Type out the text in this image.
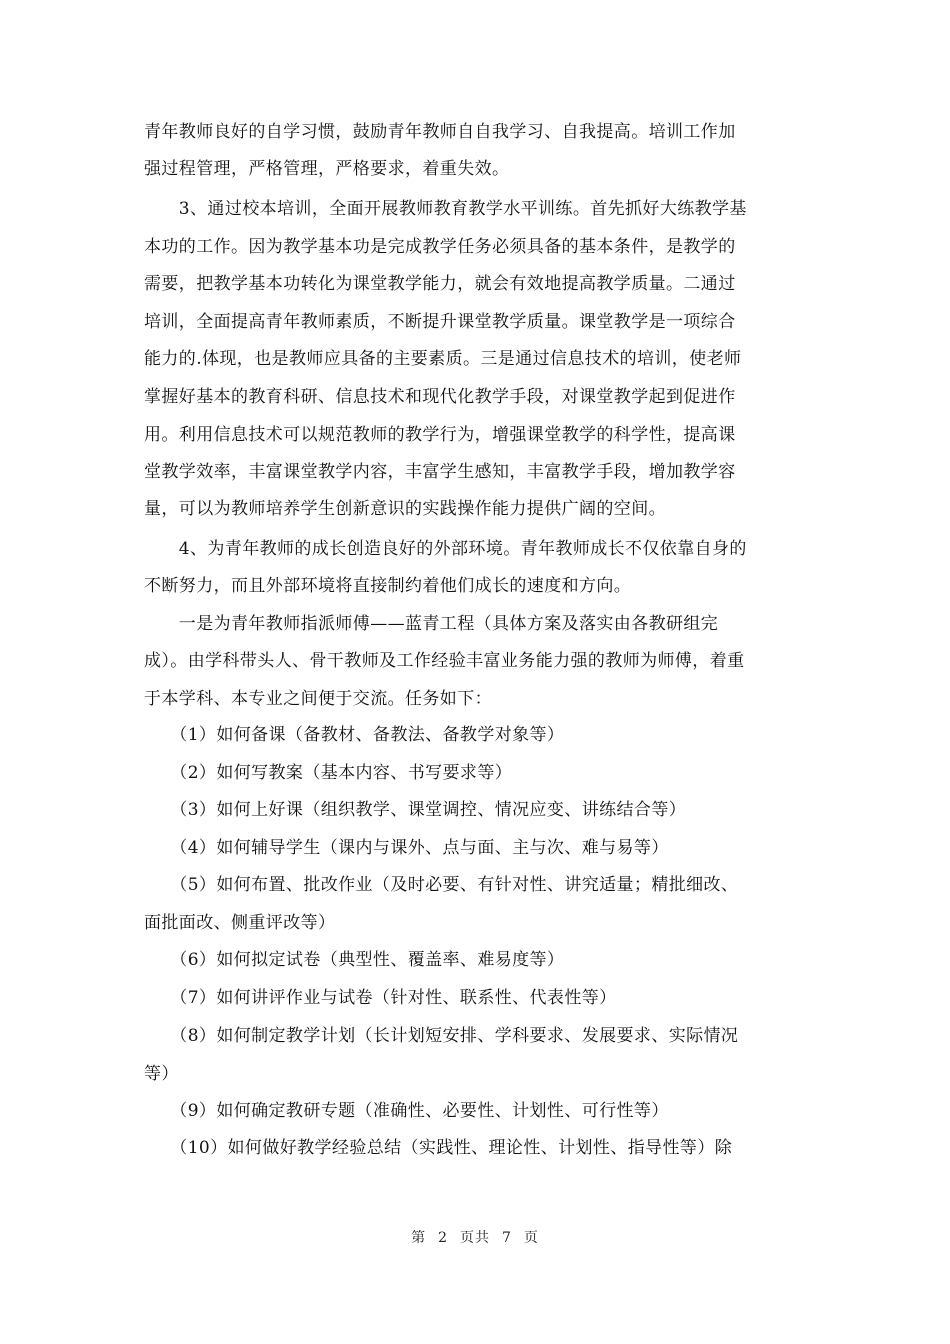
青年教师良好的自学习惯，鼓励青年教师自自我学习、自我提高。培训工作加
强过程管理，严格管理，严格要求，着重失效。
　　3、通过校本培训，全面开展教师教育教学水平训练。首先抓好大练教学基
本功的工作。因为教学基本功是完成教学任务必须具备的基本条件，是教学的
需要，把教学基本功转化为课堂教学能力，就会有效地提高教学质量。二通过
培训，全面提高青年教师素质，不断提升课堂教学质量。课堂教学是一项综合
能力的.体现，也是教师应具备的主要素质。三是通过信息技术的培训，使老师
掌握好基本的教育科研、信息技术和现代化教学手段，对课堂教学起到促进作
用。利用信息技术可以规范教师的教学行为，增强课堂教学的科学性，提高课
堂教学效率，丰富课堂教学内容，丰富学生感知，丰富教学手段，增加教学容
量，可以为教师培养学生创新意识的实践操作能力提供广阔的空间。
　　4、为青年教师的成长创造良好的外部环境。青年教师成长不仅依靠自身的
不断努力，而且外部环境将直接制约着他们成长的速度和方向。
　　一是为青年教师指派师傅——蓝青工程（具体方案及落实由各教研组完
成）。由学科带头人、骨干教师及工作经验丰富业务能力强的教师为师傅，着重
于本学科、本专业之间便于交流。任务如下：
　　（1）如何备课（备教材、备教法、备教学对象等）
　　（2）如何写教案（基本内容、书写要求等）
　　（3）如何上好课（组织教学、课堂调控、情况应变、讲练结合等）
　　（4）如何辅导学生（课内与课外、点与面、主与次、难与易等）
　　（5）如何布置、批改作业（及时必要、有针对性、讲究适量；精批细改、
面批面改、侧重评改等）
　　（6）如何拟定试卷（典型性、覆盖率、难易度等）
　　（7）如何讲评作业与试卷（针对性、联系性、代表性等）
　　（8）如何制定教学计划（长计划短安排、学科要求、发展要求、实际情况
等）
　　（9）如何确定教研专题（准确性、必要性、计划性、可行性等）
　　（10）如何做好教学经验总结（实践性、理论性、计划性、指导性等）除
第 2 页共 7 页
